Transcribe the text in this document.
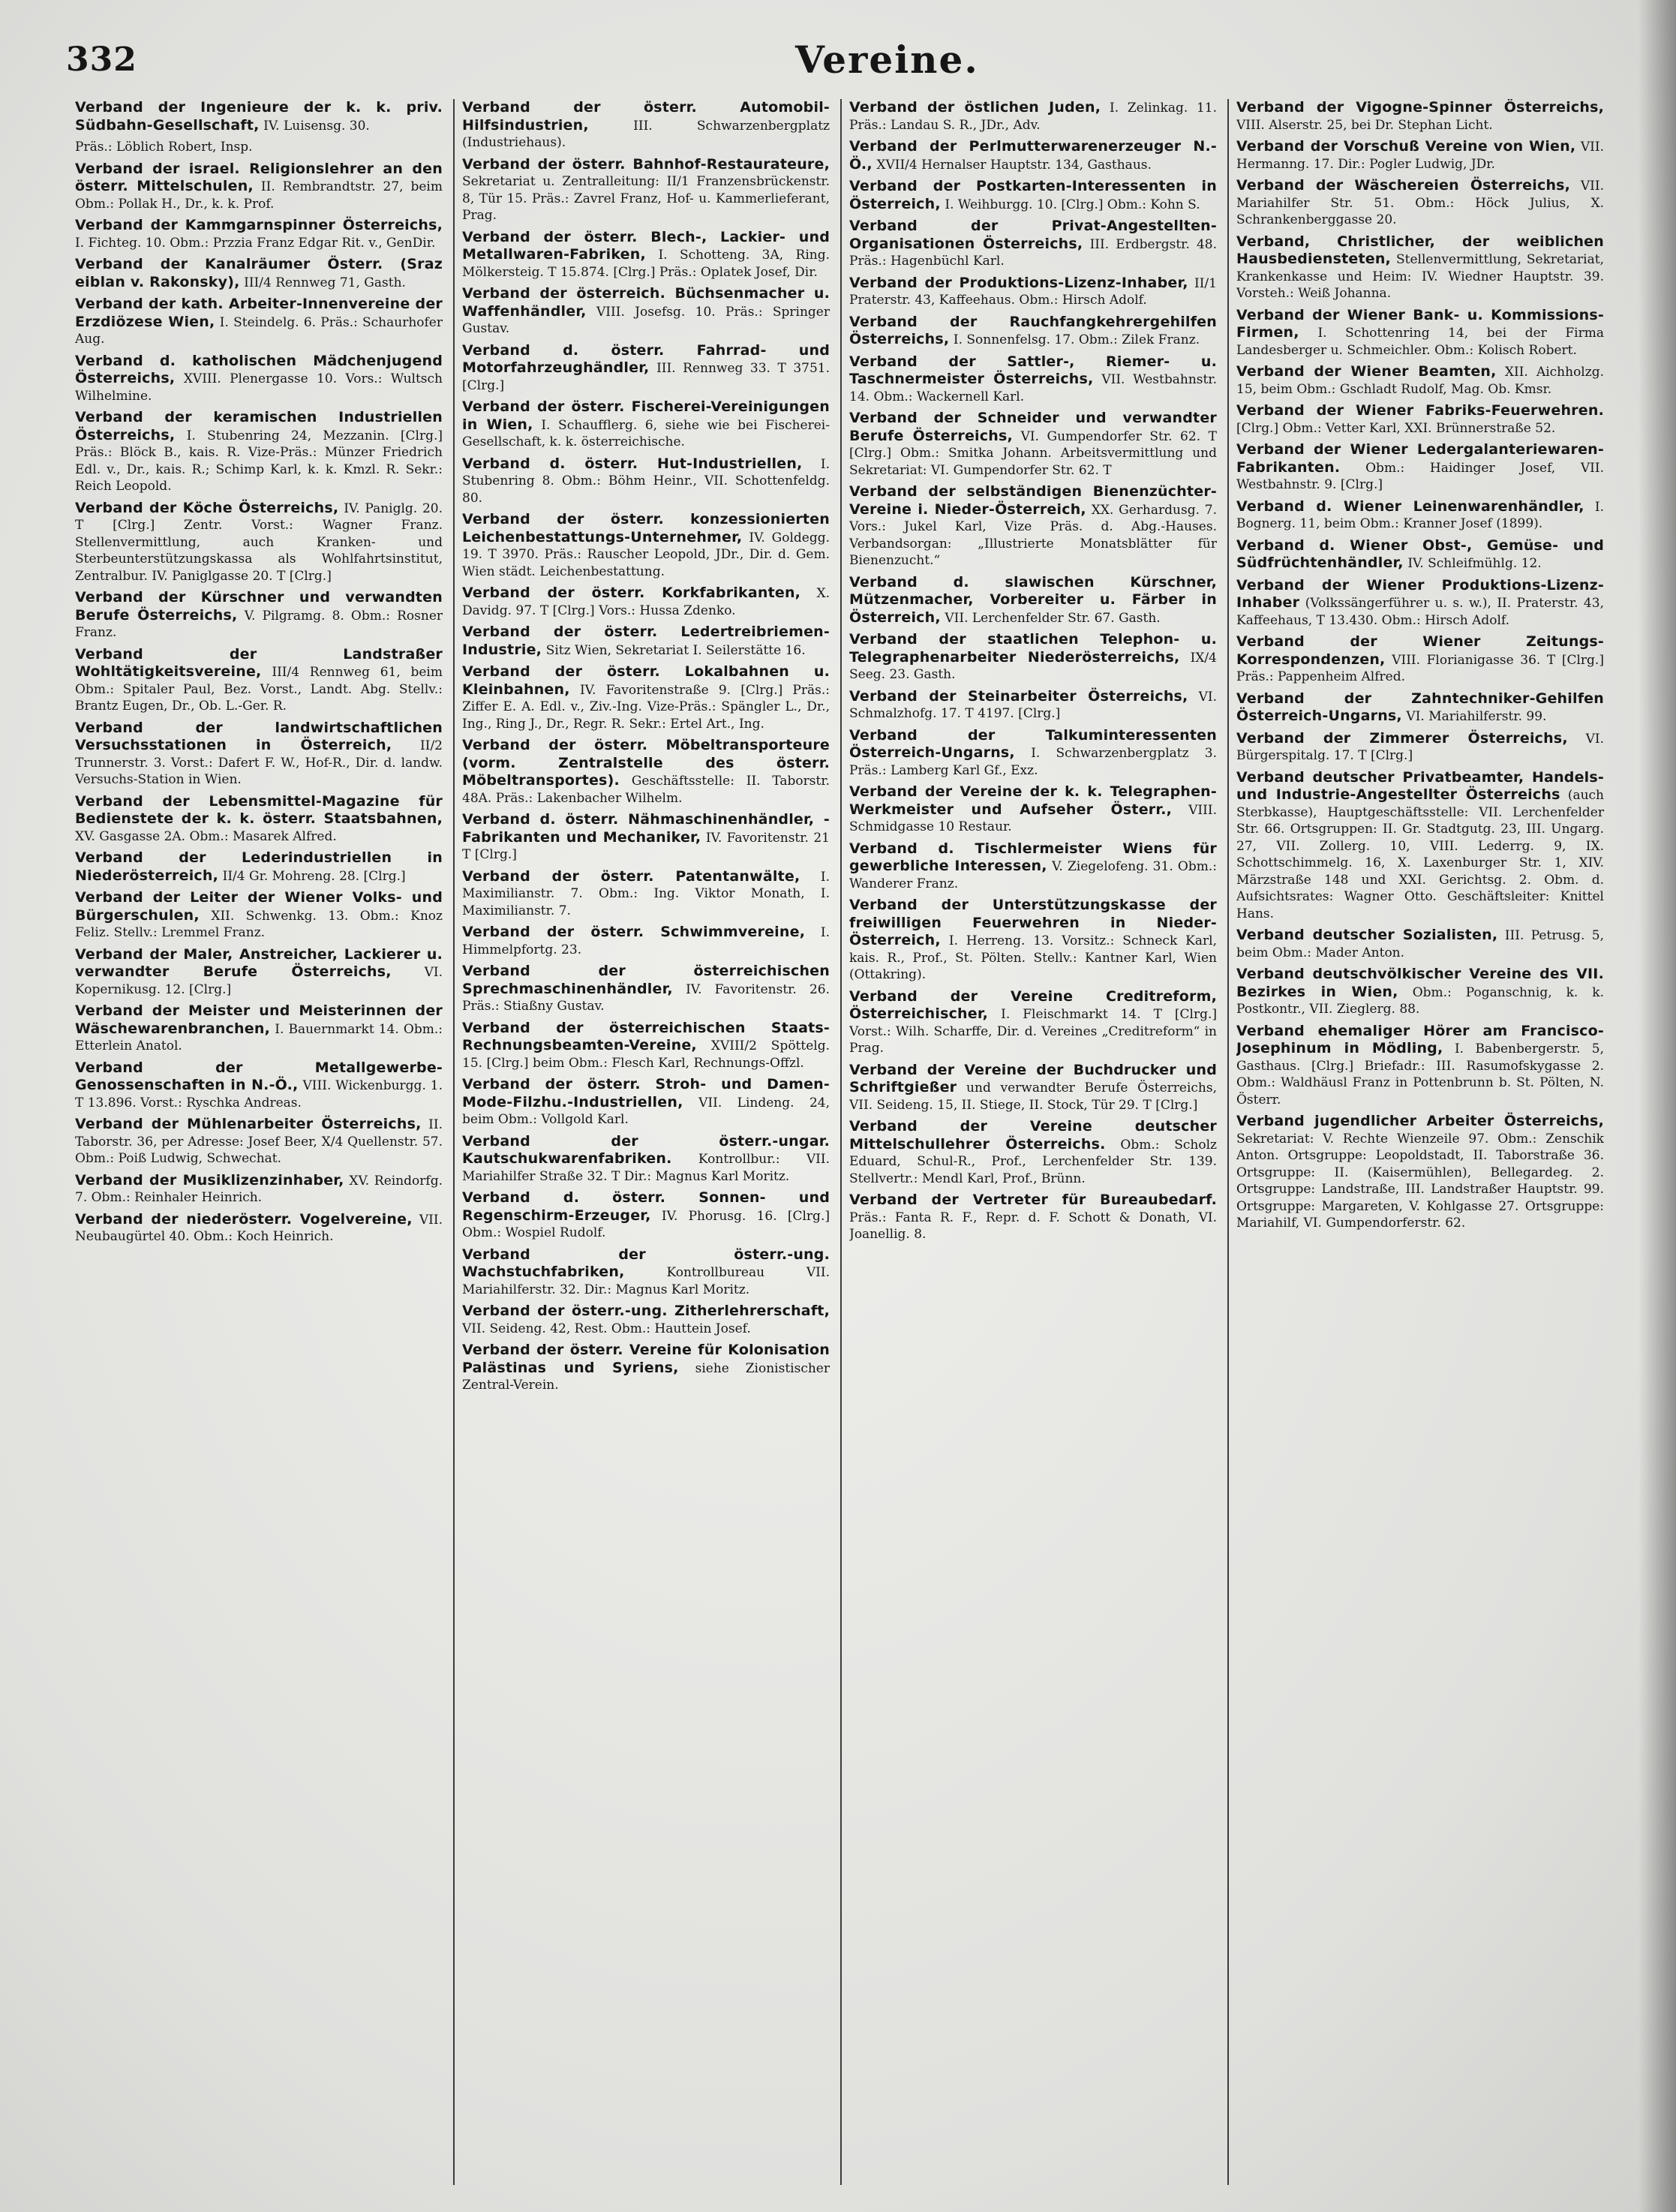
332	Vereine.

Verband der Ingenieure der k. k. priv. Südbahn-Gesellschaft, IV. Luisensg. 30.

Präs.: Löblich Robert, Insp.

Verband der israel. Religionslehrer an den österr. Mittelschulen, II. Rembrandtstr. 27, beim Obm.: Pollak H., Dr., k. k. Prof.

Verband der Kammgarnspinner Österreichs, I. Fichteg. 10. Obm.: Przzia Franz Edgar Rit. v., GenDir.

Verband der Kanalräumer Österr. (Sraz eiblan v. Rakonsky), III/4 Rennweg 71, Gasth.

Verband der kath. Arbeiter-Innenvereine der Erzdiözese Wien, I. Steindelg. 6. Präs.: Schaurhofer Aug.

Verband d. katholischen Mädchenjugend Österreichs, XVIII. Plenergasse 10. Vors.: Wultsch Wilhelmine.

Verband der keramischen Industriellen Österreichs, I. Stubenring 24, Mezzanin. [Clrg.] Präs.: Blöck B., kais. R. Vize-Präs.: Münzer Friedrich Edl. v., Dr., kais. R.; Schimp Karl, k. k. Kmzl. R. Sekr.: Reich Leopold.

Verband der Köche Österreichs, IV. Paniglg. 20. T [Clrg.] Zentr. Vorst.: Wagner Franz. Stellenvermittlung, auch Kranken- und Sterbeunterstützungskassa als Wohlfahrtsinstitut, Zentralbur. IV. Paniglgasse 20. T [Clrg.]

Verband der Kürschner und verwandten Berufe Österreichs, V. Pilgramg. 8. Obm.: Rosner Franz.

Verband der Landstraßer Wohltätigkeitsvereine, III/4 Rennweg 61, beim Obm.: Spitaler Paul, Bez. Vorst., Landt. Abg. Stellv.: Brantz Eugen, Dr., Ob. L.-Ger. R.

Verband der landwirtschaftlichen Versuchsstationen in Österreich, II/2 Trunnerstr. 3. Vorst.: Dafert F. W., Hof-R., Dir. d. landw. Versuchs-Station in Wien.

Verband der Lebensmittel-Magazine für Bedienstete der k. k. österr. Staatsbahnen, XV. Gasgasse 2A. Obm.: Masarek Alfred.

Verband der Lederindustriellen in Niederösterreich, II/4 Gr. Mohreng. 28. [Clrg.]

Verband der Leiter der Wiener Volks- und Bürgerschulen, XII. Schwenkg. 13. Obm.: Knoz Feliz. Stellv.: Lremmel Franz.

Verband der Maler, Anstreicher, Lackierer u. verwandter Berufe Österreichs,	VI. Kopernikusg. 12. [Clrg.]

Verband der Meister und Meisterinnen der Wäschewarenbranchen, I. Bauernmarkt 14. Obm.: Etterlein Anatol.

Verband der Metallgewerbe-Genossenschaften in N.-Ö., VIII. Wickenburgg. 1. T 13.896. Vorst.: Ryschka Andreas.

Verband der Mühlenarbeiter Österreichs, II. Taborstr. 36, per Adresse: Josef Beer, X/4 Quellenstr. 57. Obm.: Poiß Ludwig, Schwechat.

Verband der Musiklizenzinhaber, XV. Reindorfg. 7. Obm.: Reinhaler Heinrich.

Verband der niederösterr. Vogelvereine, VII. Neubaugürtel 40. Obm.: Koch Heinrich.

Verband der österr. Automobil-Hilfsindustrien,	III. Schwarzenbergplatz (Industriehaus).

Verband der österr. Bahnhof-Restaurateure, Sekretariat u. Zentralleitung: II/1 Franzensbrückenstr. 8, Tür 15. Präs.: Zavrel Franz, Hof- u. Kammerlieferant, Prag.

Verband der österr. Blech-, Lackier- und Metallwaren-Fabriken, I. Schotteng. 3A, Ring. Mölkersteig. T 15.874. [Clrg.] Präs.: Oplatek Josef, Dir.

Verband der österreich. Büchsenmacher u. Waffenhändler, VIII. Josefsg. 10. Präs.: Springer Gustav.

Verband d. österr. Fahrrad- und Motorfahrzeughändler, III. Rennweg 33. T 3751. [Clrg.]

Verband der österr. Fischerei-Vereinigungen in Wien, I. Schaufflerg. 6, siehe wie bei Fischerei-Gesellschaft, k. k. österreichische.

Verband d. österr. Hut-Industriellen, I. Stubenring 8. Obm.: Böhm Heinr., VII. Schottenfeldg. 80.

Verband der österr. konzessionierten Leichenbestattungs-Unternehmer, IV. Goldegg. 19. T 3970. Präs.: Rauscher Leopold, JDr., Dir. d. Gem. Wien städt. Leichenbestattung.

Verband der österr. Korkfabrikanten, X. Davidg. 97. T [Clrg.] Vors.: Hussa Zdenko.

Verband der österr. Ledertreibriemen-Industrie, Sitz Wien, Sekretariat I. Seilerstätte 16.

Verband der österr. Lokalbahnen u. Kleinbahnen, IV. Favoritenstraße 9. [Clrg.] Präs.: Ziffer E. A. Edl. v., Ziv.-Ing. Vize-Präs.: Spängler L., Dr., Ing., Ring J., Dr., Regr. R. Sekr.: Ertel Art., Ing.

Verband der österr. Möbeltransporteure (vorm. Zentralstelle des österr. Möbeltransportes). Geschäftsstelle: II. Taborstr. 48A. Präs.: Lakenbacher Wilhelm.

Verband d. österr. Nähmaschinenhändler, -Fabrikanten und Mechaniker, IV. Favoritenstr. 21 T [Clrg.]

Verband der österr. Patentanwälte, I. Maximilianstr. 7. Obm.: Ing. Viktor Monath, I. Maximilianstr. 7.

Verband der österr. Schwimmvereine, I. Himmelpfortg. 23.

Verband der österreichischen Sprechmaschinenhändler, IV. Favoritenstr. 26. Präs.: Stiaßny Gustav.

Verband der österreichischen Staats-Rechnungsbeamten-Vereine, XVIII/2 Spöttelg. 15. [Clrg.] beim Obm.: Flesch Karl, Rechnungs-Offzl.

Verband der österr. Stroh- und Damen-Mode-Filzhu.-Industriellen, VII. Lindeng. 24, beim Obm.: Vollgold Karl.

Verband der österr.-ungar. Kautschukwarenfabriken. Kontrollbur.: VII. Mariahilfer Straße 32. T Dir.: Magnus Karl Moritz.

Verband d. österr. Sonnen- und Regenschirm-Erzeuger, IV. Phorusg. 16. [Clrg.] Obm.: Wospiel Rudolf.

Verband der österr.-ung. Wachstuchfabriken,	Kontrollbureau VII. Mariahilferstr. 32. Dir.: Magnus Karl Moritz.

Verband der österr.-ung. Zitherlehrerschaft, VII. Seideng. 42, Rest. Obm.: Hauttein Josef.

Verband der österr. Vereine für Kolonisation Palästinas und Syriens, siehe Zionistischer Zentral-Verein.

Verband der östlichen Juden, I. Zelinkag. 11. Präs.: Landau S. R., JDr., Adv.

Verband der Perlmutterwarenerzeuger N.-Ö., XVII/4 Hernalser Hauptstr. 134, Gasthaus.

Verband der Postkarten-Interessenten in Österreich, I. Weihburgg. 10. [Clrg.] Obm.: Kohn S.

Verband der Privat-Angestellten-Organisationen Österreichs, III. Erdbergstr. 48. Präs.: Hagenbüchl Karl.

Verband der Produktions-Lizenz-Inhaber, II/1 Praterstr. 43, Kaffeehaus. Obm.: Hirsch Adolf.

Verband der Rauchfangkehrergehilfen Österreichs, I. Sonnenfelsg. 17. Obm.: Zilek Franz.

Verband der Sattler-, Riemer- u. Taschnermeister Österreichs, VII. Westbahnstr. 14. Obm.: Wackernell Karl.

Verband der Schneider und verwandter Berufe Österreichs, VI. Gumpendorfer Str. 62. T [Clrg.] Obm.: Smitka Johann. Arbeitsvermittlung und Sekretariat: VI. Gumpendorfer Str. 62. T

Verband der selbständigen Bienenzüchter-Vereine i. Nieder-Österreich, XX. Gerhardusg. 7. Vors.: Jukel Karl, Vize Präs. d. Abg.-Hauses. Verbandsorgan: „Illustrierte Monatsblätter für Bienenzucht.“

Verband d. slawischen Kürschner, Mützenmacher, Vorbereiter u. Färber in Österreich, VII. Lerchenfelder Str. 67. Gasth.

Verband der staatlichen Telephon- u. Telegraphenarbeiter Niederösterreichs, IX/4 Seeg. 23. Gasth.

Verband der Steinarbeiter Österreichs, VI. Schmalzhofg. 17. T 4197. [Clrg.]

Verband der Talkuminteressenten Österreich-Ungarns, I. Schwarzenbergplatz 3. Präs.: Lamberg Karl Gf., Exz.

Verband der Vereine der k. k. Telegraphen-Werkmeister und Aufseher Österr., VIII. Schmidgasse 10 Restaur.

Verband d. Tischlermeister Wiens für gewerbliche Interessen, V. Ziegelofeng. 31. Obm.: Wanderer Franz.

Verband der Unterstützungskasse der freiwilligen Feuerwehren in Nieder-Österreich, I. Herreng. 13. Vorsitz.: Schneck Karl, kais. R., Prof., St. Pölten. Stellv.: Kantner Karl, Wien (Ottakring).

Verband der Vereine Creditreform, Österreichischer, I. Fleischmarkt 14. T [Clrg.] Vorst.: Wilh. Scharffe, Dir. d. Vereines „Creditreform“ in Prag.

Verband der Vereine der Buchdrucker und Schriftgießer und verwandter Berufe Österreichs, VII. Seideng. 15, II. Stiege, II. Stock, Tür 29. T [Clrg.]

Verband der Vereine deutscher Mittelschullehrer Österreichs. Obm.: Scholz Eduard, Schul-R., Prof., Lerchenfelder Str. 139. Stellvertr.: Mendl Karl, Prof., Brünn.

Verband der Vertreter für Bureaubedarf. Präs.: Fanta R. F., Repr. d. F. Schott & Donath, VI. Joanellig. 8.

Verband der Vigogne-Spinner Österreichs, VIII. Alserstr. 25, bei Dr. Stephan Licht.

Verband der Vorschuß Vereine von Wien, VII. Hermanng. 17. Dir.: Pogler Ludwig, JDr.

Verband der Wäschereien Österreichs, VII. Mariahilfer Str. 51. Obm.: Höck Julius, X. Schrankenberggasse 20.

Verband, Christlicher, der weiblichen Hausbediensteten, Stellenvermittlung, Sekretariat, Krankenkasse und Heim: IV. Wiedner Hauptstr. 39. Vorsteh.: Weiß Johanna.

Verband der Wiener Bank- u. Kommissions-Firmen, I. Schottenring 14, bei der Firma Landesberger u. Schmeichler. Obm.: Kolisch Robert.

Verband der Wiener Beamten, XII. Aichholzg. 15, beim Obm.: Gschladt Rudolf, Mag. Ob. Kmsr.

Verband der Wiener Fabriks-Feuerwehren. [Clrg.] Obm.: Vetter Karl, XXI. Brünnerstraße 52.

Verband der Wiener Ledergalanteriewaren-Fabrikanten. Obm.: Haidinger Josef, VII. Westbahnstr. 9. [Clrg.]

Verband d. Wiener Leinenwarenhändler, I. Bognerg. 11, beim Obm.: Kranner Josef (1899).

Verband d. Wiener Obst-, Gemüse- und Südfrüchtenhändler, IV. Schleifmühlg. 12.

Verband der Wiener Produktions-Lizenz-Inhaber (Volkssängerführer u. s. w.), II. Praterstr. 43, Kaffeehaus, T 13.430. Obm.: Hirsch Adolf.

Verband der Wiener Zeitungs-Korrespondenzen, VIII. Florianigasse 36. T [Clrg.] Präs.: Pappenheim Alfred.

Verband der Zahntechniker-Gehilfen Österreich-Ungarns, VI. Mariahilferstr. 99.

Verband der Zimmerer Österreichs, VI. Bürgerspitalg. 17. T [Clrg.]

Verband deutscher Privatbeamter, Handels- und Industrie-Angestellter Österreichs (auch Sterbkasse), Hauptgeschäftsstelle: VII. Lerchenfelder Str. 66. Ortsgruppen: II. Gr. Stadtgutg. 23, III. Ungarg. 27, VII. Zollerg. 10, VIII. Lederrg. 9, IX. Schottschimmelg. 16, X. Laxenburger Str. 1, XIV. Märzstraße 148 und XXI. Gerichtsg. 2. Obm. d. Aufsichtsrates: Wagner Otto. Geschäftsleiter: Knittel Hans.

Verband deutscher Sozialisten, III. Petrusg. 5, beim Obm.: Mader Anton.

Verband deutschvölkischer Vereine des VII. Bezirkes in Wien, Obm.: Poganschnig, k. k. Postkontr., VII. Zieglerg. 88.

Verband ehemaliger Hörer am Francisco-Josephinum in Mödling, I. Babenbergerstr. 5, Gasthaus. [Clrg.] Briefadr.: III. Rasumofskygasse 2. Obm.: Waldhäusl Franz in Pottenbrunn b. St. Pölten, N. Österr.

Verband jugendlicher Arbeiter Österreichs, Sekretariat: V. Rechte Wienzeile 97. Obm.: Zenschik Anton. Ortsgruppe: Leopoldstadt, II. Taborstraße 36. Ortsgruppe: II. (Kaisermühlen), Bellegardeg. 2. Ortsgruppe: Landstraße, III. Landstraßer Hauptstr. 99. Ortsgruppe: Margareten, V. Kohlgasse 27. Ortsgruppe: Mariahilf, VI. Gumpendorferstr. 62.
